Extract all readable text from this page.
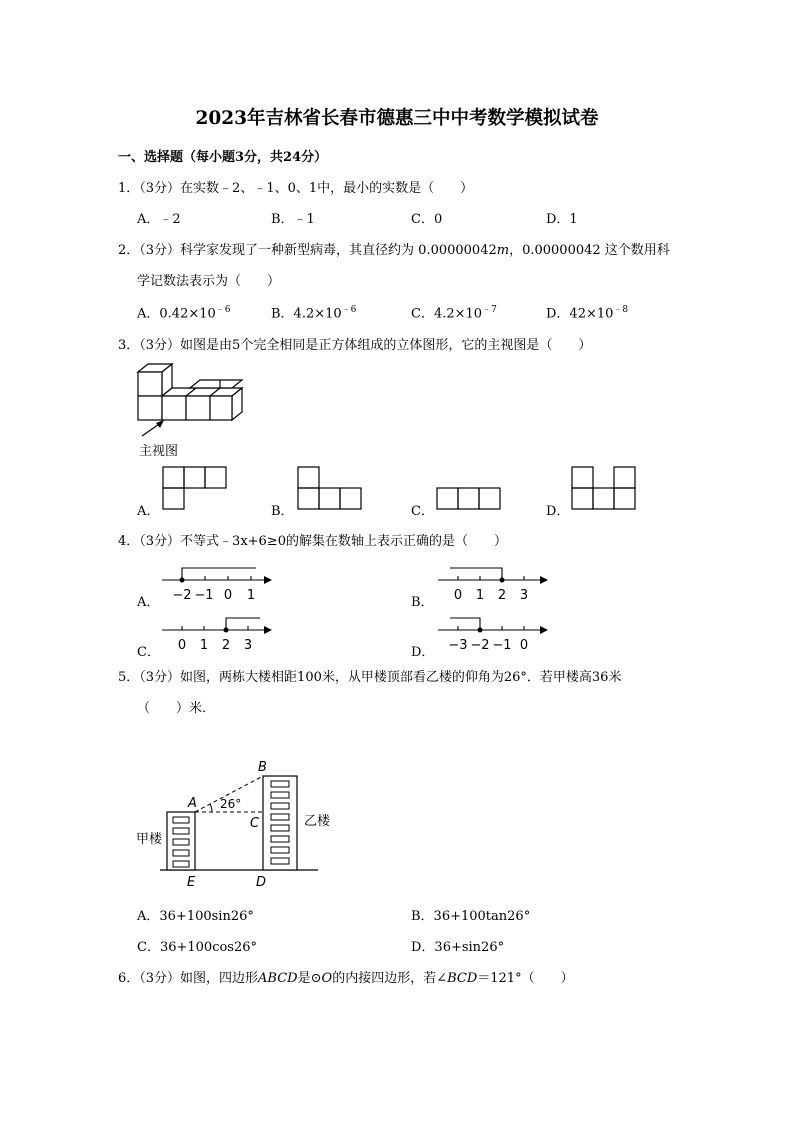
2023年吉林省长春市德惠三中中考数学模拟试卷
一、选择题（每小题3分，共24分）
1．（3分）在实数﹣2、﹣1、0、1中，最小的实数是（　　）
A．﹣2	B．﹣1	C．0	D．1
2．（3分）科学家发现了一种新型病毒，其直径约为 0.00000042m，0.00000042 这个数用科
学记数法表示为（　　）
A．$0.42\times 10^{﹣6}$	B．$4.2\times 10^{﹣6}$	C．$4.2\times 10^{﹣7}$	D．$42\times 10^{﹣8}$
3．（3分）如图是由5个完全相同是正方体组成的立体图形，它的主视图是（　　）
主视图
A．	B．	C．	D．
4．（3分）不等式﹣3x+6≥0的解集在数轴上表示正确的是（　　）
A． −2 −1 0 1	B． 0 1 2 3
C． 0 1 2 3	D． −3 −2 −1 0
5．（3分）如图，两栋大楼相距100米，从甲楼顶部看乙楼的仰角为26°．若甲楼高36米
（　　）米．
A
B
C
D
E
26°
甲楼
乙楼
A．36+100sin26°	B．36+100tan26°
C．36+100cos26°	D．36+sin26°
6．（3分）如图，四边形ABCD是⊙O的内接四边形，若∠BCD＝121°（　　）
